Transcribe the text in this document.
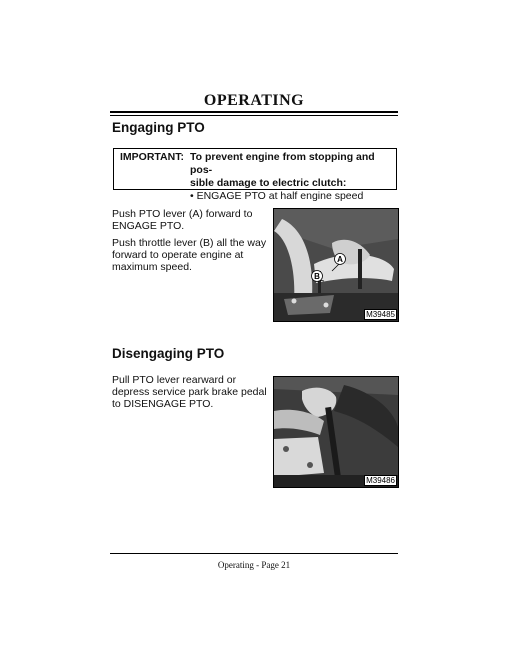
OPERATING
Engaging PTO
IMPORTANT: To prevent engine from stopping and pos-
sible damage to electric clutch:
• ENGAGE PTO at half engine speed
Push PTO lever (A) forward to ENGAGE PTO.
Push throttle lever (B) all the way forward to operate engine at maximum speed.
A
B
M39485
Disengaging PTO
Pull PTO lever rearward or depress service park brake pedal to DISENGAGE PTO.
M39486
Operating - Page 21
